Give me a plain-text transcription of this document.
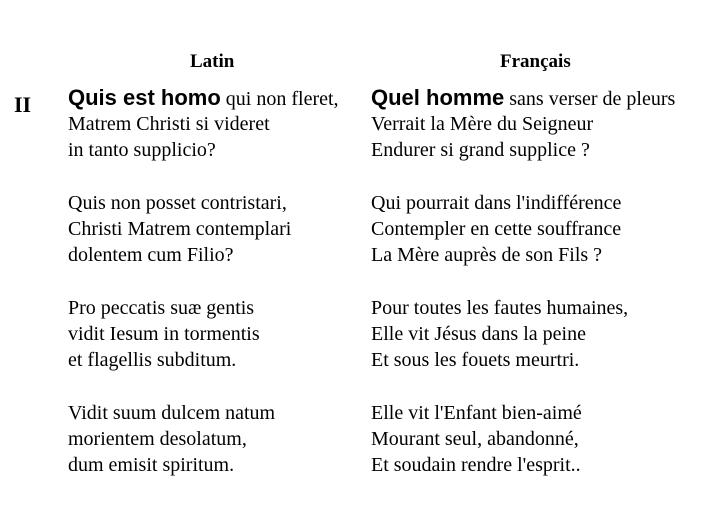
Latin	Français
II Quis est homo qui non fleret,
Matrem Christi si videret
in tanto supplicio?
Quis non posset contristari,
Christi Matrem contemplari
dolentem cum Filio?
Pro peccatis suæ gentis
vidit Iesum in tormentis
et flagellis subditum.
Vidit suum dulcem natum
morientem desolatum,
dum emisit spiritum.
Quel homme sans verser de pleurs
Verrait la Mère du Seigneur
Endurer si grand supplice ?
Qui pourrait dans l'indifférence
Contempler en cette souffrance
La Mère auprès de son Fils ?
Pour toutes les fautes humaines,
Elle vit Jésus dans la peine
Et sous les fouets meurtri.
Elle vit l'Enfant bien-aimé
Mourant seul, abandonné,
Et soudain rendre l'esprit..
